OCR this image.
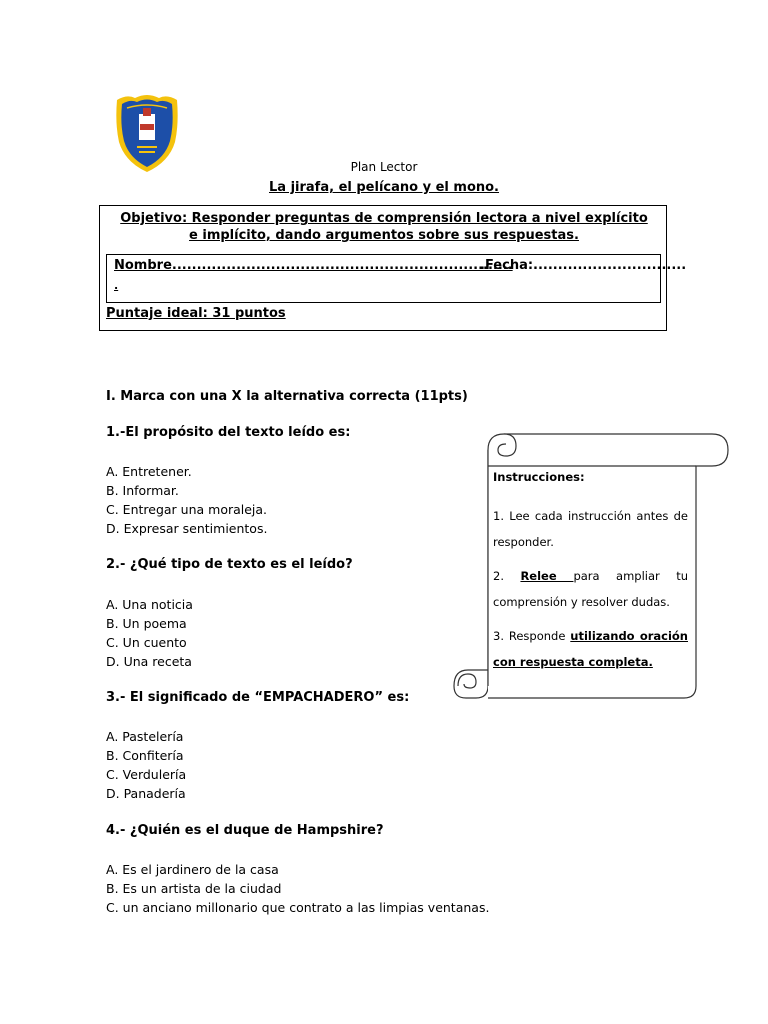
Plan Lector
La jirafa, el pelícano y el mono.
Objetivo: Responder preguntas de comprensión lectora a nivel explícito e implícito, dando argumentos sobre sus respuestas.
Nombre.....................................................................
.Fecha:...............................
.
Puntaje ideal: 31 puntos
I. Marca con una X la alternativa correcta (11pts)
1.-El propósito del texto leído es:
A. Entretener.
B. Informar.
C. Entregar una moraleja.
D. Expresar sentimientos.
2.- ¿Qué tipo de texto es el leído?
A. Una noticia
B. Un poema
C. Un cuento
D. Una receta
3.- El significado de “EMPACHADERO” es:
A. Pastelería
B. Confitería
C. Verdulería
D. Panadería
4.- ¿Quién es el duque de Hampshire?
A. Es el jardinero de la casa
B. Es un artista de la ciudad
C. un anciano millonario que contrato a las limpias ventanas.
Instrucciones:
1. Lee cada instrucción antes de responder.
2. Relee para ampliar tu comprensión y resolver dudas.
3. Responde utilizando oración con respuesta completa.
